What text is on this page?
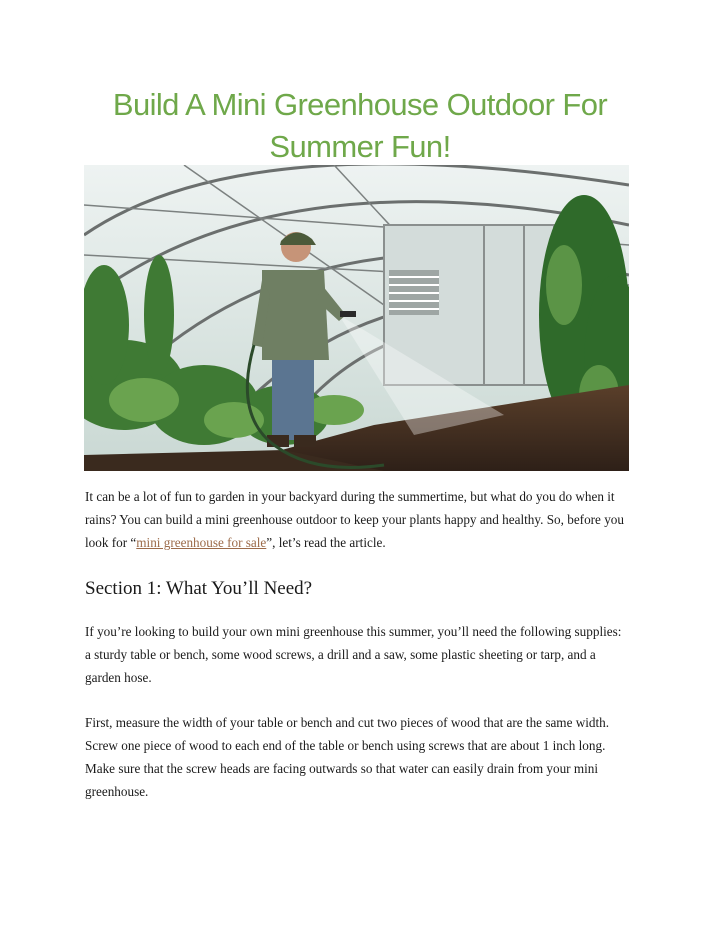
Build A Mini Greenhouse Outdoor For Summer Fun!

It can be a lot of fun to garden in your backyard during the summertime, but what do you do when it rains? You can build a mini greenhouse outdoor to keep your plants happy and healthy. So, before you look for “mini greenhouse for sale”, let’s read the article.

Section 1: What You’ll Need?

If you’re looking to build your own mini greenhouse this summer, you’ll need the following supplies: a sturdy table or bench, some wood screws, a drill and a saw, some plastic sheeting or tarp, and a garden hose.

First, measure the width of your table or bench and cut two pieces of wood that are the same width. Screw one piece of wood to each end of the table or bench using screws that are about 1 inch long. Make sure that the screw heads are facing outwards so that water can easily drain from your mini greenhouse.
